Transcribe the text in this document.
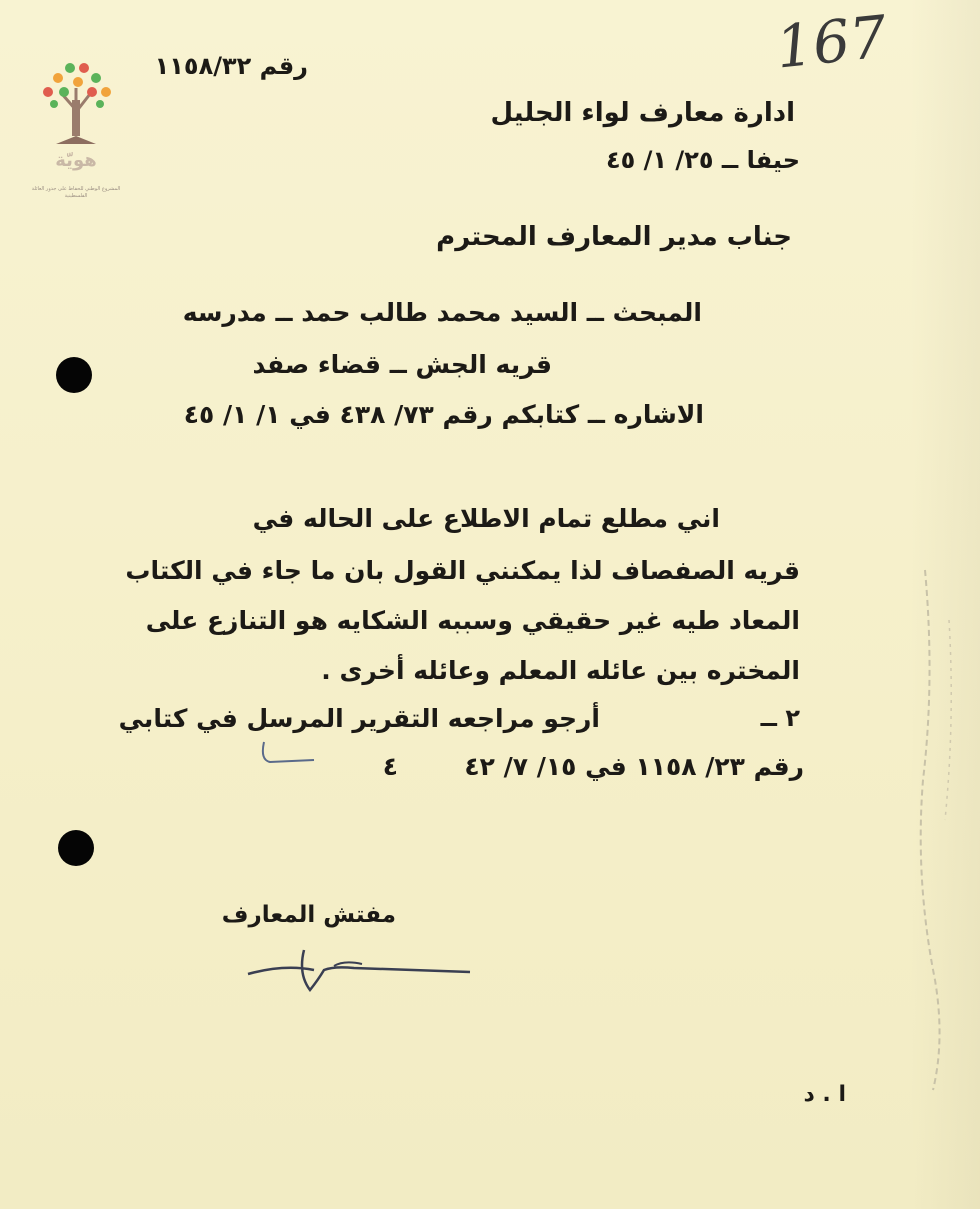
هويّة
المشروع الوطني للحفاظ على جذور العائلة الفلسطينية
167
رقم ١١٥٨/٣٢
ادارة معارف لواء الجليل
حيفا ــ ٢٥/ ١/ ٤٥
جناب مدير المعارف المحترم
المبحث ــ السيد محمد طالب حمد ــ مدرسه
قريه الجش ــ قضاء صفد
الاشاره ــ كتابكم رقم ٧٣/ ٤٣٨ في ١/ ١/ ٤٥
اني مطلع تمام الاطلاع على الحاله في
قريه الصفصاف لذا يمكنني القول بان ما جاء في الكتاب
المعاد طيه غير حقيقي وسببه الشكايه هو التنازع على
المختره بين عائله المعلم وعائله أخرى .
٢ ــ
أرجو مراجعه التقرير المرسل في كتابي
رقم ٢٣/ ١١٥٨ في ١٥/ ٧/ ٤٢
٤
مفتش المعارف
ا . د
